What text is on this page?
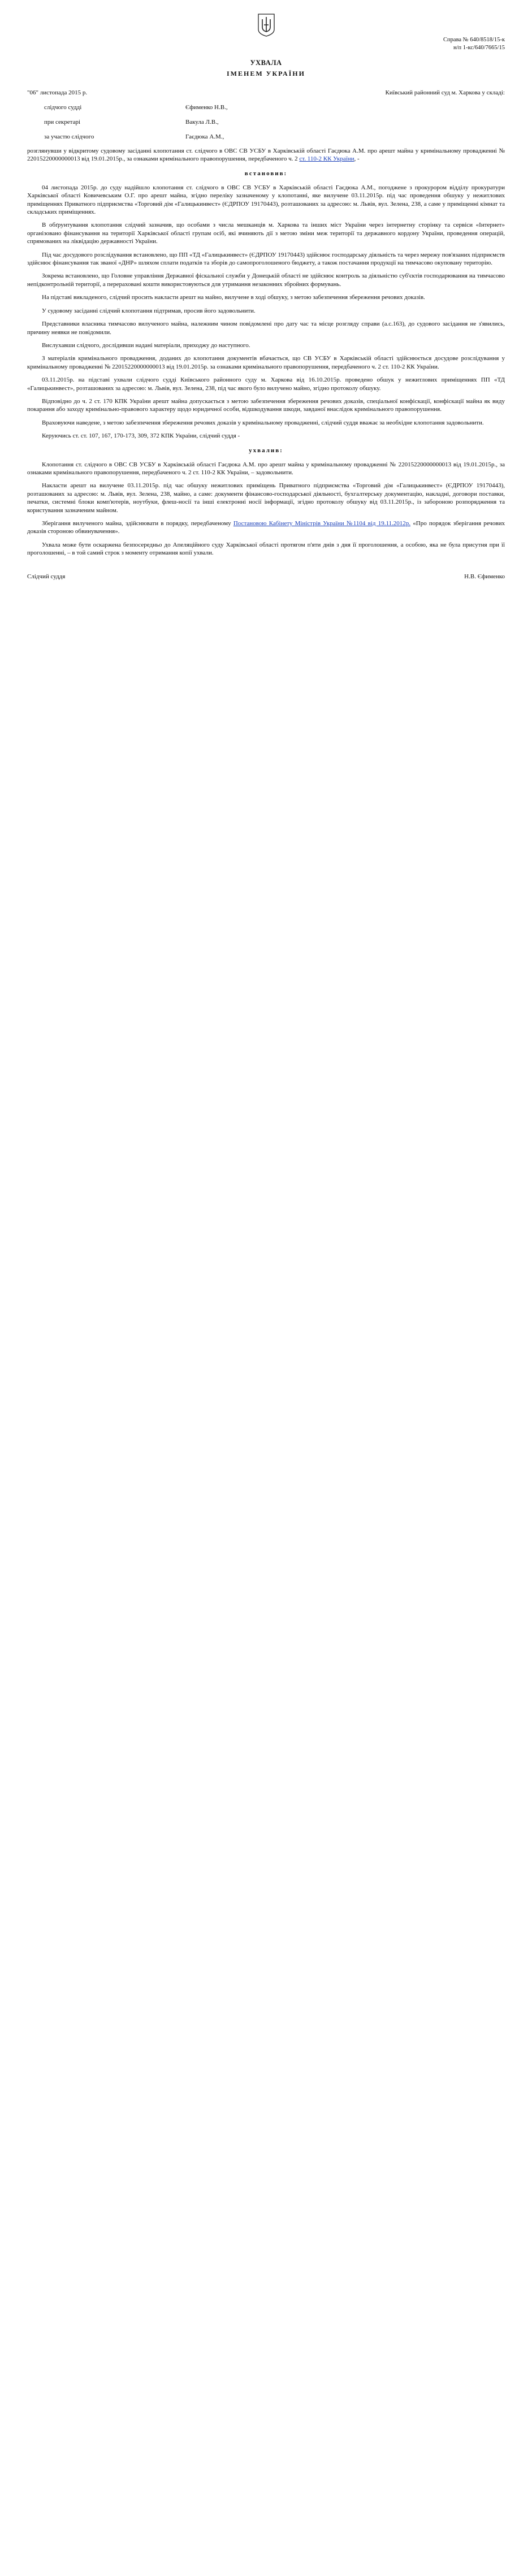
Справа № 640/8518/15-к
н/п 1-кс/640/7665/15
УХВАЛА
ІМЕНЕМ УКРАЇНИ
"06" листопада 2015 р.	Київський районний суд м. Харкова у складі:
слідчого судді	Єфименко Н.В.,
при секретарі	Вакула Л.В.,
за участю слідчого	Гаєдюка А.М.,

розглянувши у відкритому судовому засіданні клопотання ст. слідчого в ОВС СВ УСБУ в Харківській області Гаєдюка А.М. про арешт майна у кримінальному провадженні № 22015220000000013 від 19.01.2015р., за ознаками кримінального правопорушення, передбаченого ч. 2 ст. 110-2 КК України, -

встановив:

04 листопада 2015р. до суду надійшло клопотання ст. слідчого в ОВС СВ УСБУ в Харківській області Гаєдюка А.М., погоджене з прокурором відділу прокуратури Харківської області Ковичевським О.Г. про арешт майна, згідно переліку зазначеному у клопотанні, яке вилучене 03.11.2015р. під час проведення обшуку у нежитлових приміщеннях Приватного підприємства «Торговий дім «Галицькинвест» (ЄДРПОУ 19170443), розташованих за адресою: м. Львів, вул. Зелена, 238, а саме у приміщенні кімнат та складських приміщеннях.

В обґрунтування клопотання слідчий зазначив, що особами з числа мешканців м. Харкова та інших міст України через інтернетну сторінку та сервіси «Інтернет» організовано фінансування на території Харківської області групам осіб, які вчиняють дії з метою зміни меж території та державного кордону України, проведення операцій, спрямованих на ліквідацію державності України.

Під час досудового розслідування встановлено, що ПП «ТД «Галицькинвест» (ЄДРПОУ 19170443) здійснює господарську діяльність та через мережу пов'язаних підприємств здійснює фінансування так званої «ДНР» шляхом сплати податків та зборів до самопроголошеного бюджету, а також постачання продукції на тимчасово окуповану територію.

Зокрема встановлено, що Головне управління Державної фіскальної служби у Донецькій області не здійснює контроль за діяльністю суб'єктів господарювання на тимчасово непідконтрольній території, а перераховані кошти використовуються для утримання незаконних збройних формувань.

На підставі викладеного, слідчий просить накласти арешт на майно, вилучене в ході обшуку, з метою забезпечення збереження речових доказів.

У судовому засіданні слідчий клопотання підтримав, просив його задовольнити.

Представники власника тимчасово вилученого майна, належним чином повідомлені про дату час та місце розгляду справи (а.с.163), до судового засідання не з'явились, причину неявки не повідомили.

Вислухавши слідчого, дослідивши надані матеріали, приходжу до наступного.

З матеріалів кримінального провадження, доданих до клопотання документів вбачається, що СВ УСБУ в Харківській області здійснюється досудове розслідування у кримінальному провадженні № 22015220000000013 від 19.01.2015р. за ознаками кримінального правопорушення, передбаченого ч. 2 ст. 110-2 КК України.

03.11.2015р. на підставі ухвали слідчого судді Київського районного суду м. Харкова від 16.10.2015р. проведено обшук у нежитлових приміщеннях ПП «ТД «Галицькинвест», розташованих за адресою: м. Львів, вул. Зелена, 238, під час якого було вилучено майно, згідно протоколу обшуку.

Відповідно до ч. 2 ст. 170 КПК України арешт майна допускається з метою забезпечення збереження речових доказів, спеціальної конфіскації, конфіскації майна як виду покарання або заходу кримінально-правового характеру щодо юридичної особи, відшкодування шкоди, завданої внаслідок кримінального правопорушення.

Враховуючи наведене, з метою забезпечення збереження речових доказів у кримінальному провадженні, слідчий суддя вважає за необхідне клопотання задовольнити.

Керуючись ст. ст. 107, 167, 170-173, 309, 372 КПК України, слідчий суддя -

ухвалив:

Клопотання ст. слідчого в ОВС СВ УСБУ в Харківській області Гаєдюка А.М. про арешт майна у кримінальному провадженні № 22015220000000013 від 19.01.2015р., за ознаками кримінального правопорушення, передбаченого ч. 2 ст. 110-2 КК України, – задовольнити.

Накласти арешт на вилучене 03.11.2015р. під час обшуку нежитлових приміщень Приватного підприємства «Торговий дім «Галицькинвест» (ЄДРПОУ 19170443), розташованих за адресою: м. Львів, вул. Зелена, 238, майно, а саме: документи фінансово-господарської діяльності, бухгалтерську документацію, накладні, договори поставки, печатки, системні блоки комп'ютерів, ноутбуки, флеш-носії та інші електронні носії інформації, згідно протоколу обшуку від 03.11.2015р., із забороною розпорядження та користування зазначеним майном.

Зберігання вилученого майна, здійснювати в порядку, передбаченому Постановою Кабінету Міністрів України №1104 від 19.11.2012р. «Про порядок зберігання речових доказів стороною обвинувачення».

Ухвала може бути оскаржена безпосередньо до Апеляційного суду Харківської області протягом п'яти днів з дня її проголошення, а особою, яка не була присутня при її проголошенні, – в той самий строк з моменту отримання копії ухвали.

Слідчий суддя	Н.В. Єфименко
